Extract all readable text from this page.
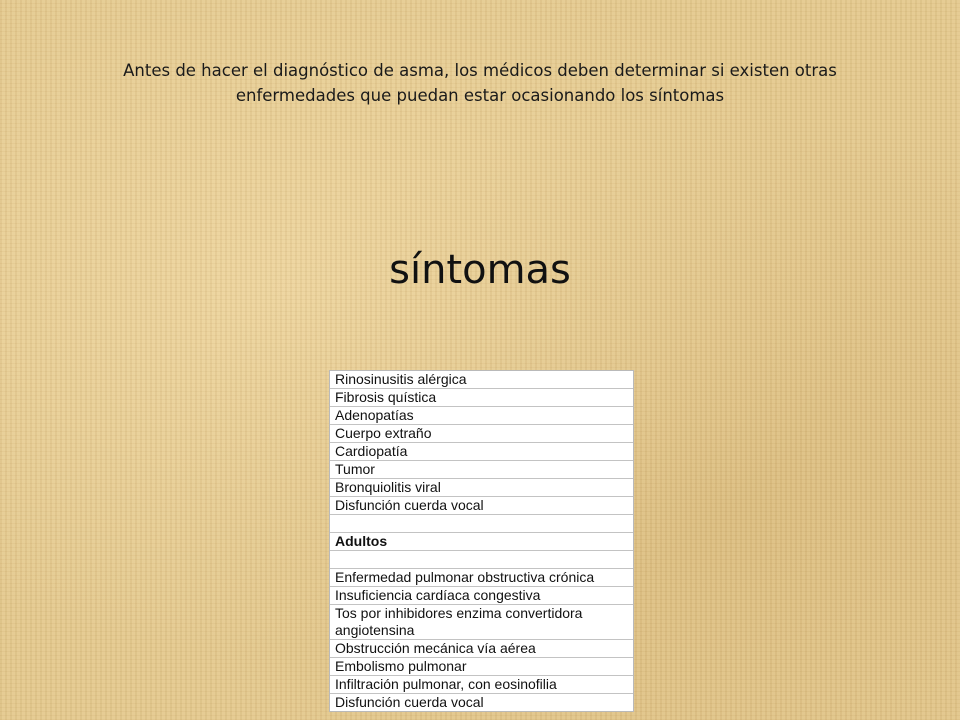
Antes de hacer el diagnóstico de asma, los médicos deben determinar si existen otras
enfermedades que puedan estar ocasionando los síntomas
síntomas
Rinosinusitis alérgica
Fibrosis quística
Adenopatías
Cuerpo extraño
Cardiopatía
Tumor
Bronquiolitis viral
Disfunción cuerda vocal
Adultos
Enfermedad pulmonar obstructiva crónica
Insuficiencia cardíaca congestiva
Tos por inhibidores enzima convertidora angiotensina
Obstrucción mecánica vía aérea
Embolismo pulmonar
Infiltración pulmonar, con eosinofilia
Disfunción cuerda vocal
